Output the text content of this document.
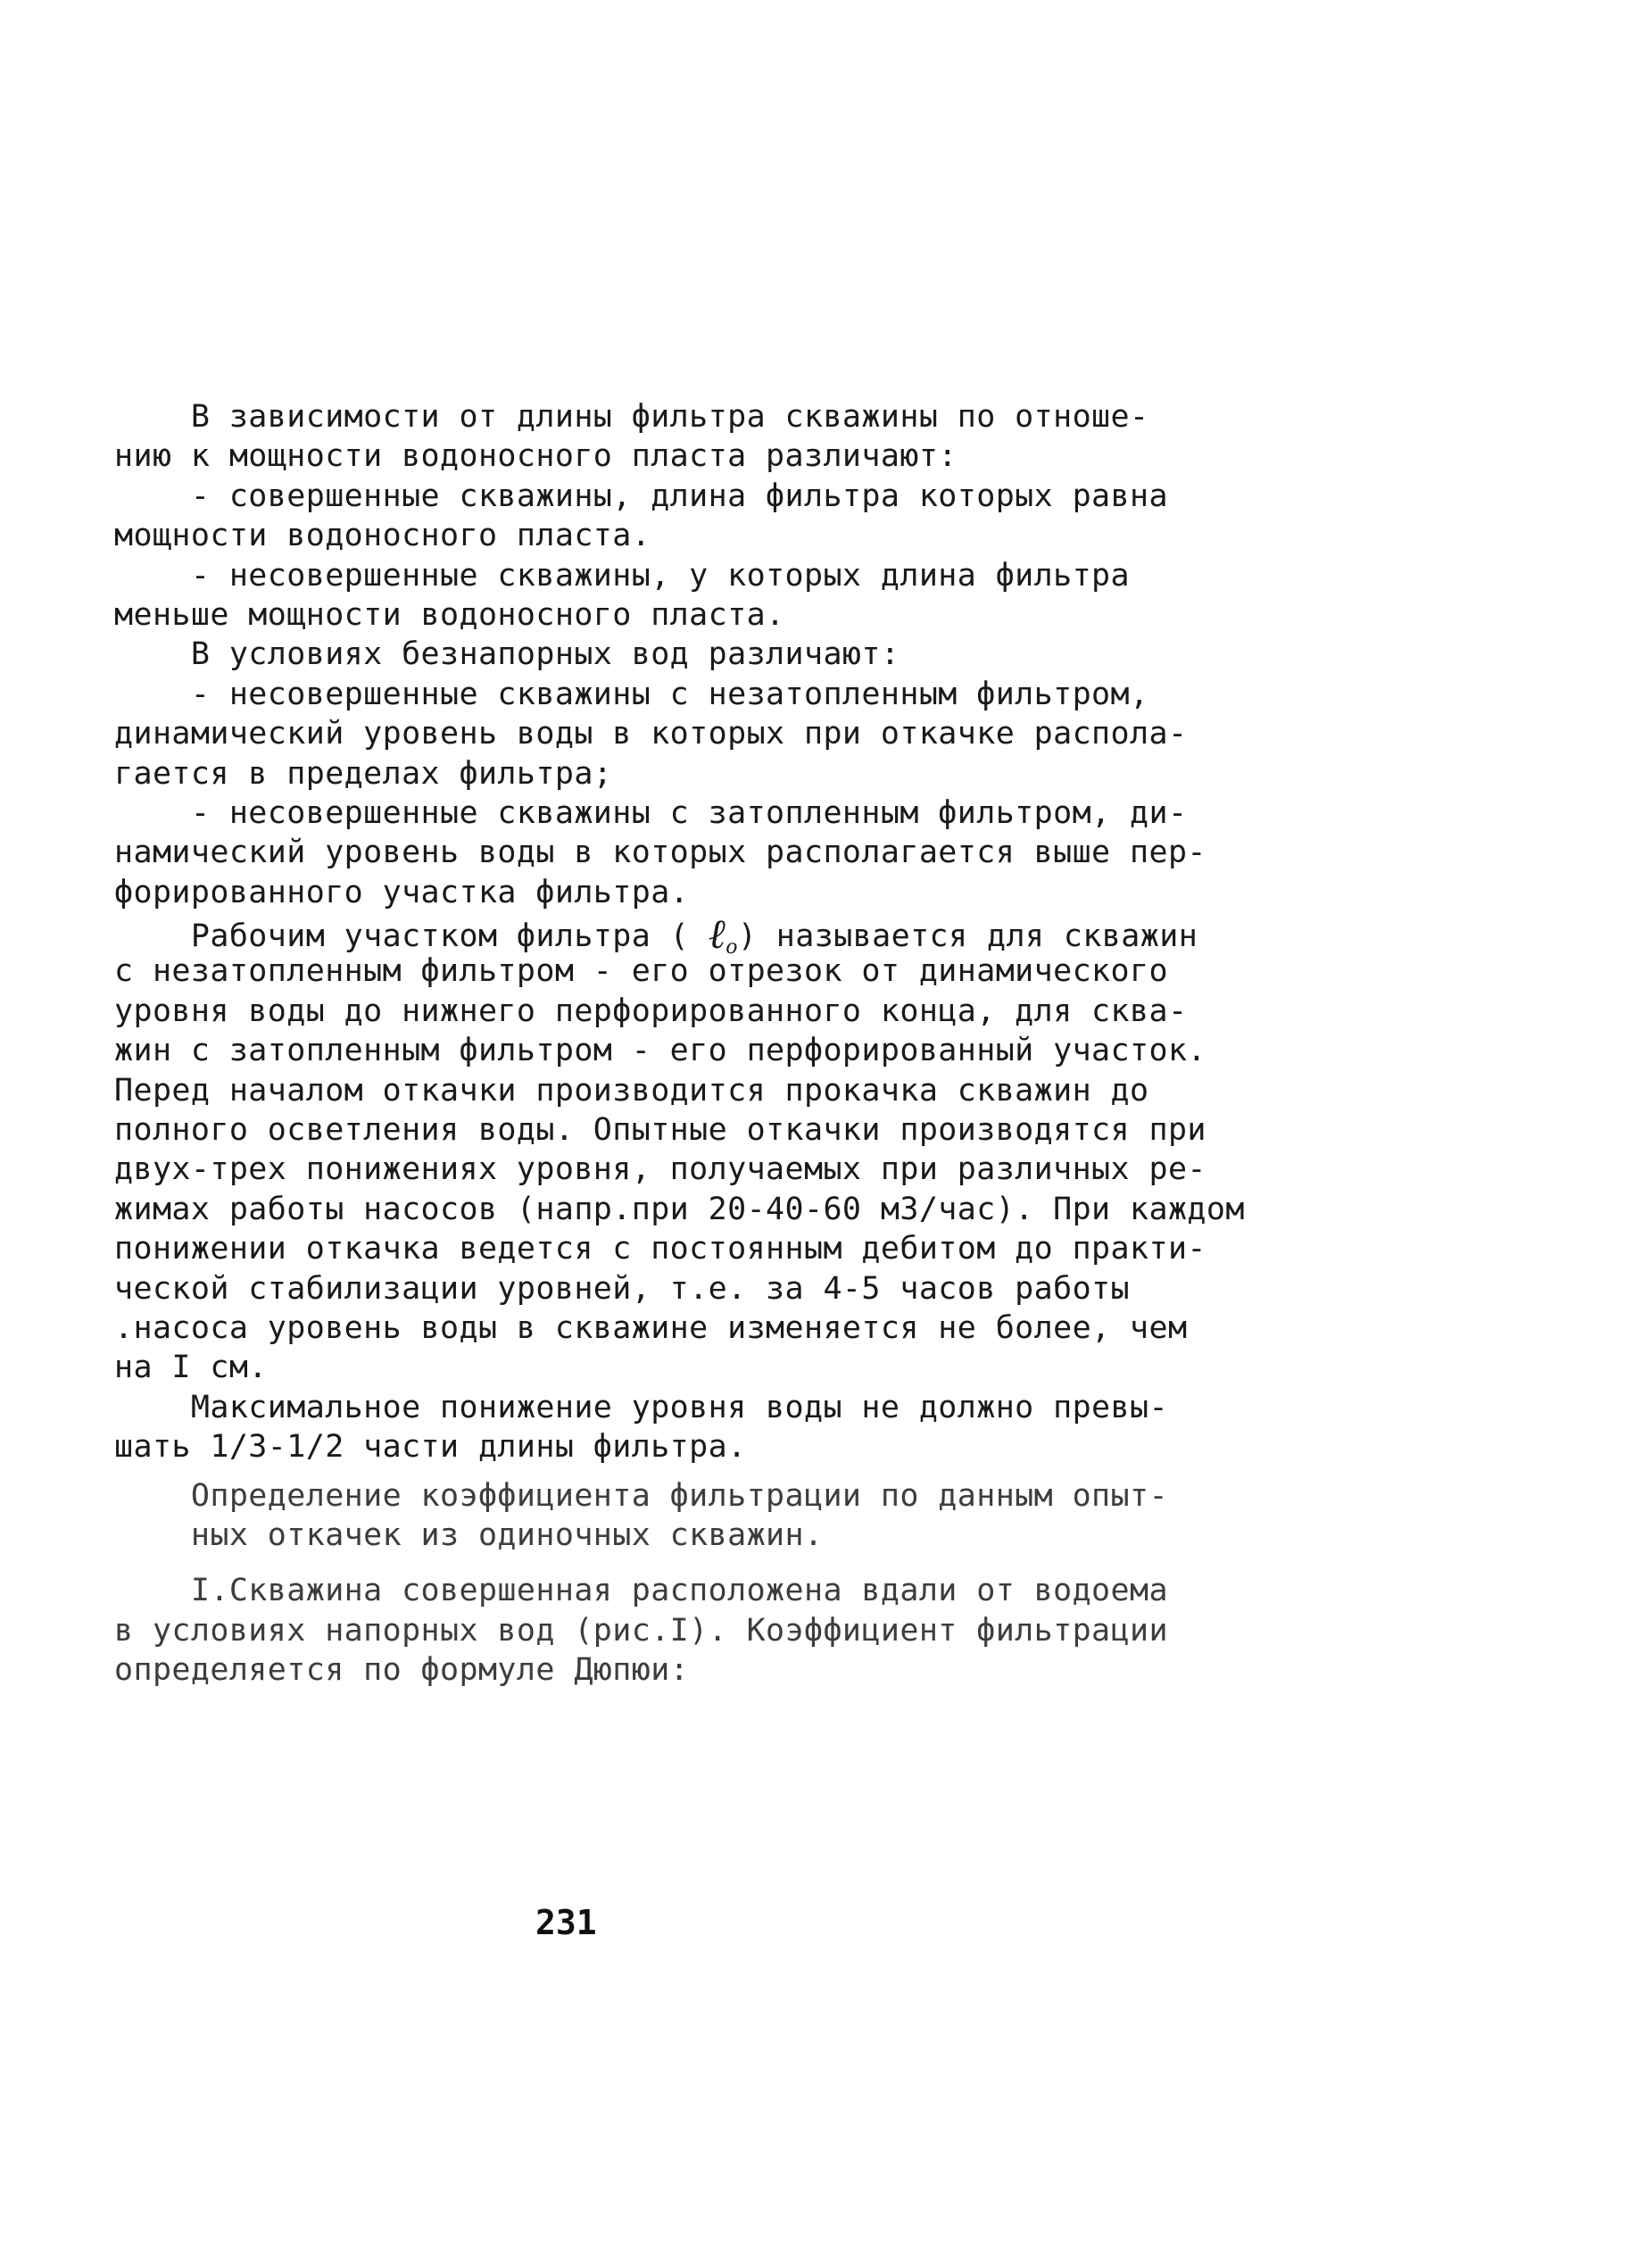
В зависимости от длины фильтра скважины по отноше-
нию к мощности водоносного пласта различают:
- совершенные скважины, длина фильтра которых равна
мощности водоносного пласта.
- несовершенные скважины, у которых длина фильтра
меньше мощности водоносного пласта.
В условиях безнапорных вод различают:
- несовершенные скважины с незатопленным фильтром,
динамический уровень воды в которых при откачке распола-
гается в пределах фильтра;
- несовершенные скважины с затопленным фильтром, ди-
намический уровень воды в которых располагается выше пер-
форированного участка фильтра.
Рабочим участком фильтра ( ℓ$_о$) называется для скважин
с незатопленным фильтром - его отрезок от динамического
уровня воды до нижнего перфорированного конца, для сква-
жин с затопленным фильтром - его перфорированный участок.
Перед началом откачки производится прокачка скважин до
полного осветления воды. Опытные откачки производятся при
двух-трех понижениях уровня, получаемых при различных ре-
жимах работы насосов (напр.при 20-40-60 м3/час). При каждом
понижении откачка ведется с постоянным дебитом до практи-
ческой стабилизации уровней, т.е. за 4-5 часов работы
.насоса уровень воды в скважине изменяется не более, чем
на I см.
Максимальное понижение уровня воды не должно превы-
шать 1/3-1/2 части длины фильтра.
Определение коэффициента фильтрации по данным опыт-
ных откачек из одиночных скважин.
I.Скважина совершенная расположена вдали от водоема
в условиях напорных вод (рис.I). Коэффициент фильтрации
определяется по формуле Дюпюи:
231
